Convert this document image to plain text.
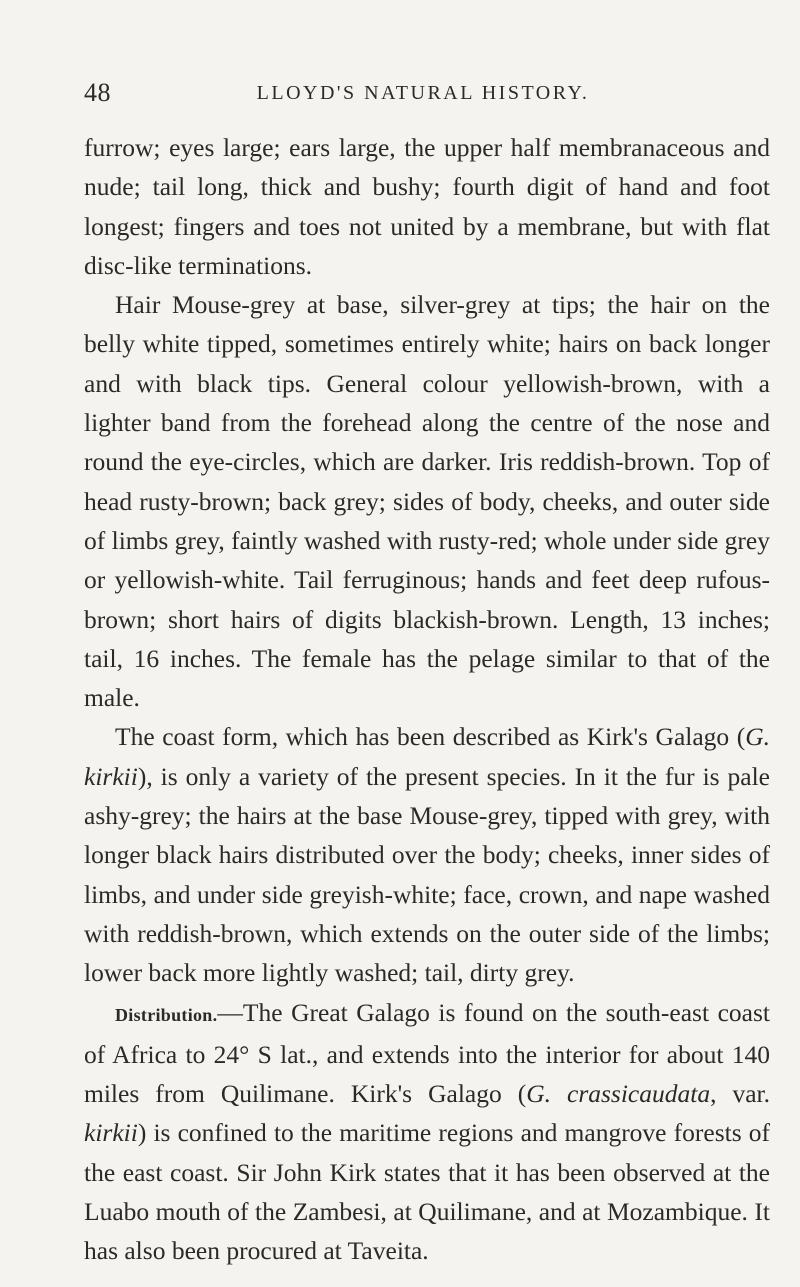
48	LLOYD'S NATURAL HISTORY.

furrow; eyes large; ears large, the upper half membranaceous and nude; tail long, thick and bushy; fourth digit of hand and foot longest; fingers and toes not united by a membrane, but with flat disc-like terminations.

Hair Mouse-grey at base, silver-grey at tips; the hair on the belly white tipped, sometimes entirely white; hairs on back longer and with black tips. General colour yellowish-brown, with a lighter band from the forehead along the centre of the nose and round the eye-circles, which are darker. Iris reddish-brown. Top of head rusty-brown; back grey; sides of body, cheeks, and outer side of limbs grey, faintly washed with rusty-red; whole under side grey or yellowish-white. Tail ferruginous; hands and feet deep rufous-brown; short hairs of digits blackish-brown. Length, 13 inches; tail, 16 inches. The female has the pelage similar to that of the male.

The coast form, which has been described as Kirk's Galago (G. kirkii), is only a variety of the present species. In it the fur is pale ashy-grey; the hairs at the base Mouse-grey, tipped with grey, with longer black hairs distributed over the body; cheeks, inner sides of limbs, and under side greyish-white; face, crown, and nape washed with reddish-brown, which extends on the outer side of the limbs; lower back more lightly washed; tail, dirty grey.

Distribution.—The Great Galago is found on the south-east coast of Africa to 24° S lat., and extends into the interior for about 140 miles from Quilimane. Kirk's Galago (G. crassicaudata, var. kirkii) is confined to the maritime regions and mangrove forests of the east coast. Sir John Kirk states that it has been observed at the Luabo mouth of the Zambesi, at Quilimane, and at Mozambique. It has also been procured at Taveita.
